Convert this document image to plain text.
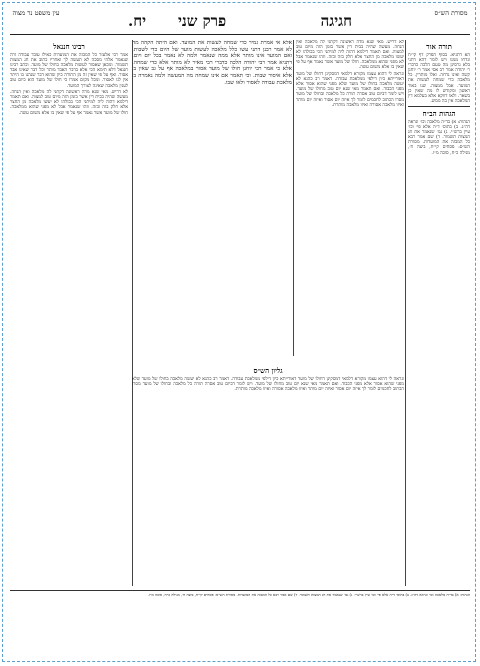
מסורת הש״ס
חגיגה
פרק שני
יח.
עין משפט נר מצוה
תורה אור

הא דתניא. בסוף הפרק דף קי״ח ונדחו ממנו ויש לומר דהא דתני בלא גרסינן מה טעם הלכה כדברי ר׳ יהודה אמר רב אסי אמר ר׳ יוחנן קשה ואינו נדחה. ואלו מותרין. כל מלאכה כדי שמחה לעשות את המועד. אבל ממצוה. שנו באור ראשון ומקודש לו מה שאין כן בשאר. ולאו דווקא אלא בעלמא דין המלאכה אין בה ממש.

הגהות הב״ח

הגהות: א) בד״ה מלאכה וכו׳ ונראה דה״ג. ב) בתוס׳ ד״ה אלא פי׳ וכו׳ עיין ברש״י. ג) גמ׳ שנאמר את חג המצות תשמור. ד) שם אמר רבא כל המבזה את המועדות. מסורת הש״ס: פסחים קי״ח, ביצה ח׳, מגילה כ״ח, סוכה מ״ז.

לא דריש. מאי שנא מדה ראשונה דקתני לה מלאכה ואין הנחה. מעשה שהיה בבית דין אשר בזמן הזה מיום טוב למצוה. ואם תאמר דילמא דהוה ליה למיתני הכי בכולהו לא יעשו מלאכה מן החצר אלא חלק בזה ובזה. וזהו שנאמר אבל לא מפני שהוא ממלאכה. חולו של מועד אשר נאמר אף על פי שאין בו אלא משום עשה.

ונראה לי דהוא עצמו מקורא דלמאי דמסקינן דחולו של מועד דאורייתא כיון דילפי ממלאכת עבודה. דאמר רב כהנא לא יעשה מלאכה בחולו של מועד שלא מפני שהוא אסור אלא מפני הכבוד. ואם תאמר מאי שנא יום טוב מחולו של מועד. ויש לומר דביום טוב אסרה תורה כל מלאכה ובחולו של מועד מסרו הכתוב לחכמים לומר לך איזה יום אסור ואיזה יום מותר ואיזו מלאכה אסורה ואיזו מלאכה מותרת.

אלא אי אמרת גמיר כדי שמחה לעשות את המועד. ואם היתה הקהה מה לא אמר רבנן דתני עשו כלל מלאכה לעשות מועד של היום כדי לשבות. ואם המועד אינו מותר אלא ממה שנאמר ולמה לא נאמר בכל יום ויום. דתניא אמר רבי יהודה הלכה כדברי רבי מאיר לא מותר אלא כדי שמחה. אלא כי אמר רבי יוחנן חולו של מועד אסור במלאכה אף על גב שאין בו אלא איסור שבות. וכי תאמר אם אינו שמחה מה המעשה ולמה נאמרה בו מלאכת עבודה לאסור ולאו שבו.

רבינו חננאל

אמר רבי אלעזר כל המבזה את המועדות כאילו עובד עבודה זרה שנאמר אלהי מסכה לא תעשה לך ואחריו כתוב את חג המצות תשמור. ומכאן שאסור לעשות מלאכה בחולו של מועד. וכתב רבינו חננאל דלא תימא הכי אלא בדבר האבד מותר וכל דבר שאינו אבד אסור. ואף על פי שאין זה מן התורה כיון שהוא דבר שנהגו בו היתר אין לנו לאסור. ומכל מקום אמרו כי חולו של מועד הוא כיום טוב לענין מלאכה שאינה לצורך המועד.

לא דריש. מאי שנא מדה ראשונה דקתני לה מלאכה ואין הנחה. מעשה שהיה בבית דין אשר בזמן הזה מיום טוב למצוה. ואם תאמר דילמא דהוה ליה למיתני הכי בכולהו לא יעשו מלאכה מן החצר אלא חלק בזה ובזה. וזהו שנאמר אבל לא מפני שהוא ממלאכה. חולו של מועד אשר נאמר אף על פי שאין בו אלא משום עשה.

גליון הש״ס

ונראה לי דהוא עצמו מקורא דלמאי דמסקינן דחולו של מועד דאורייתא כיון דילפי ממלאכת עבודה. דאמר רב כהנא לא יעשה מלאכה בחולו של מועד שלא מפני שהוא אסור אלא מפני הכבוד. ואם תאמר מאי שנא יום טוב מחולו של מועד. ויש לומר דביום טוב אסרה תורה כל מלאכה ובחולו של מועד מסרו הכתוב לחכמים לומר לך איזה יום אסור ואיזה יום מותר ואיזו מלאכה אסורה ואיזו מלאכה מותרת.

הגהות: א) בד״ה מלאכה וכו׳ ונראה דה״ג. ב) בתוס׳ ד״ה אלא פי׳ וכו׳ עיין ברש״י. ג) גמ׳ שנאמר את חג המצות תשמור. ד) שם אמר רבא כל המבזה את המועדות. מסורת הש״ס: פסחים קי״ח, ביצה ח׳, מגילה כ״ח, סוכה מ״ז.
